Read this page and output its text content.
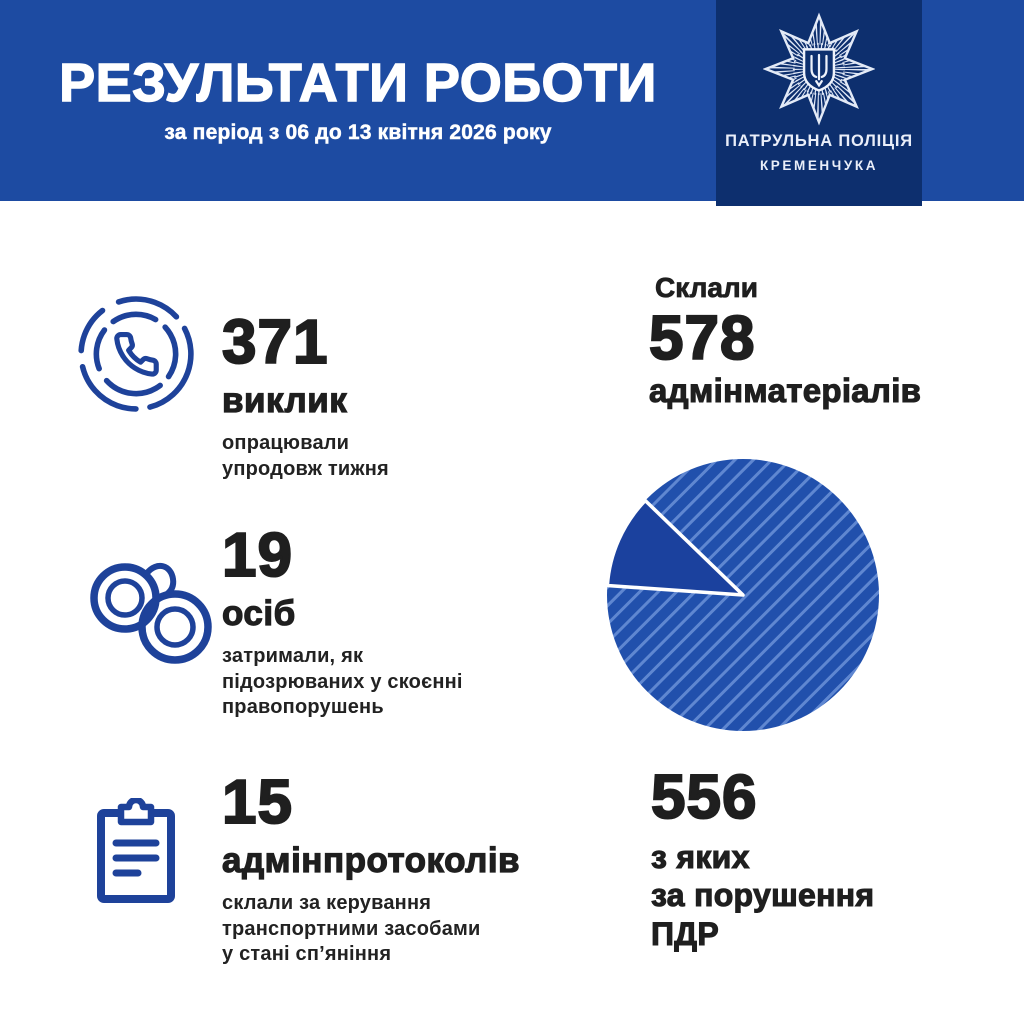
РЕЗУЛЬТАТИ РОБОТИ
за період з 06 до 13 квітня 2026 року	ПАТРУЛЬНА ПОЛІЦІЯ
КРЕМЕНЧУКА
371
виклик
опрацювали
упродовж тижня
19
осіб
затримали, як
підозрюваних у скоєнні
правопорушень
15
адмінпротоколів
склали за керування
транспортними засобами
у стані сп’яніння
Склали
578
адмінматеріалів
556
з яких
за порушення
ПДР
